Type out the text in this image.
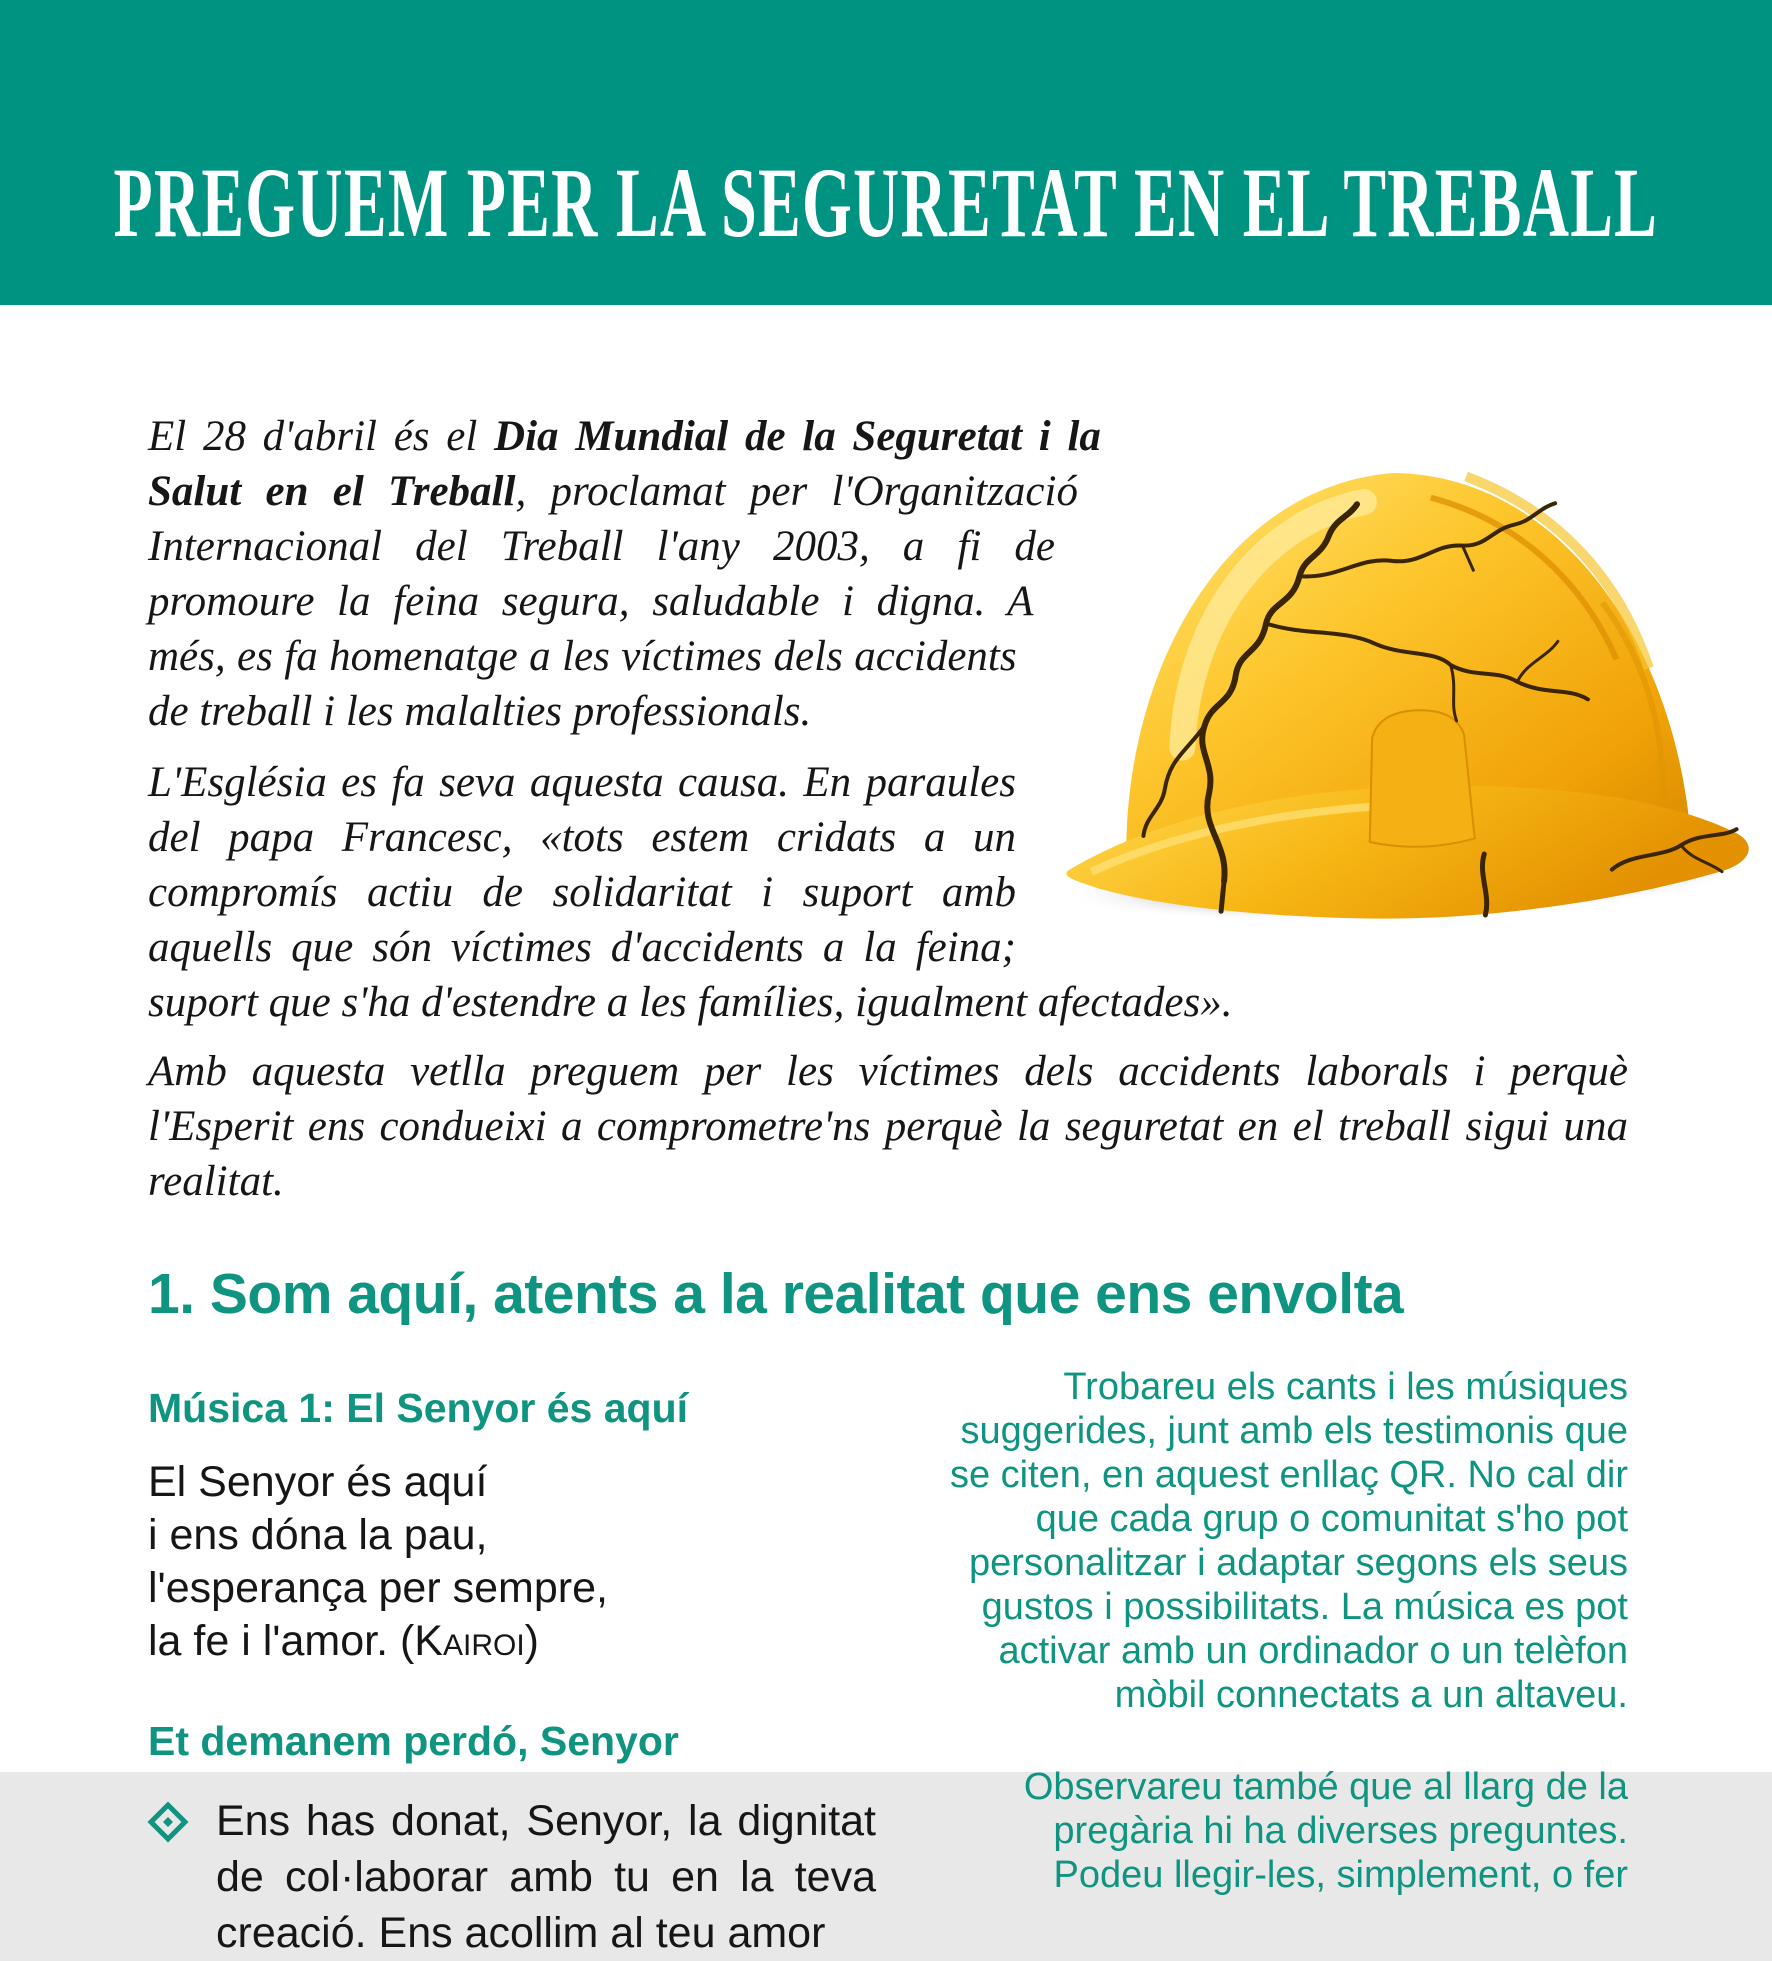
PREGUEM PER LA SEGURETAT EN EL TREBALL

El 28 d'abril és el Dia Mundial de la Seguretat i la Salut en el Treball, proclamat per l'Organització Internacional del Treball l'any 2003, a fi de promoure la feina segura, saludable i digna. A més, es fa homenatge a les víctimes dels accidents de treball i les malalties professionals.

L'Església es fa seva aquesta causa. En paraules del papa Francesc, «tots estem cridats a un compromís actiu de solidaritat i suport amb aquells que són víctimes d'accidents a la feina; suport que s'ha d'estendre a les famílies, igualment afectades».

Amb aquesta vetlla preguem per les víctimes dels accidents laborals i perquè l'Esperit ens condueixi a comprometre'ns perquè la seguretat en el treball sigui una realitat.

1. Som aquí, atents a la realitat que ens envolta
Música 1: El Senyor és aquí
El Senyor és aquí
i ens dóna la pau,
l'esperança per sempre,
la fe i l'amor. (Kairoi)
Et demanem perdó, Senyor
Ens has donat, Senyor, la dignitat de col·laborar amb tu en la teva creació. Ens acollim al teu amor
Trobareu els cants i les músiques suggerides, junt amb els testimonis que se citen, en aquest enllaç QR. No cal dir que cada grup o comunitat s'ho pot personalitzar i adaptar segons els seus gustos i possibilitats. La música es pot activar amb un ordinador o un telèfon mòbil connectats a un altaveu.
Observareu també que al llarg de la pregària hi ha diverses preguntes. Podeu llegir-les, simplement, o fer
